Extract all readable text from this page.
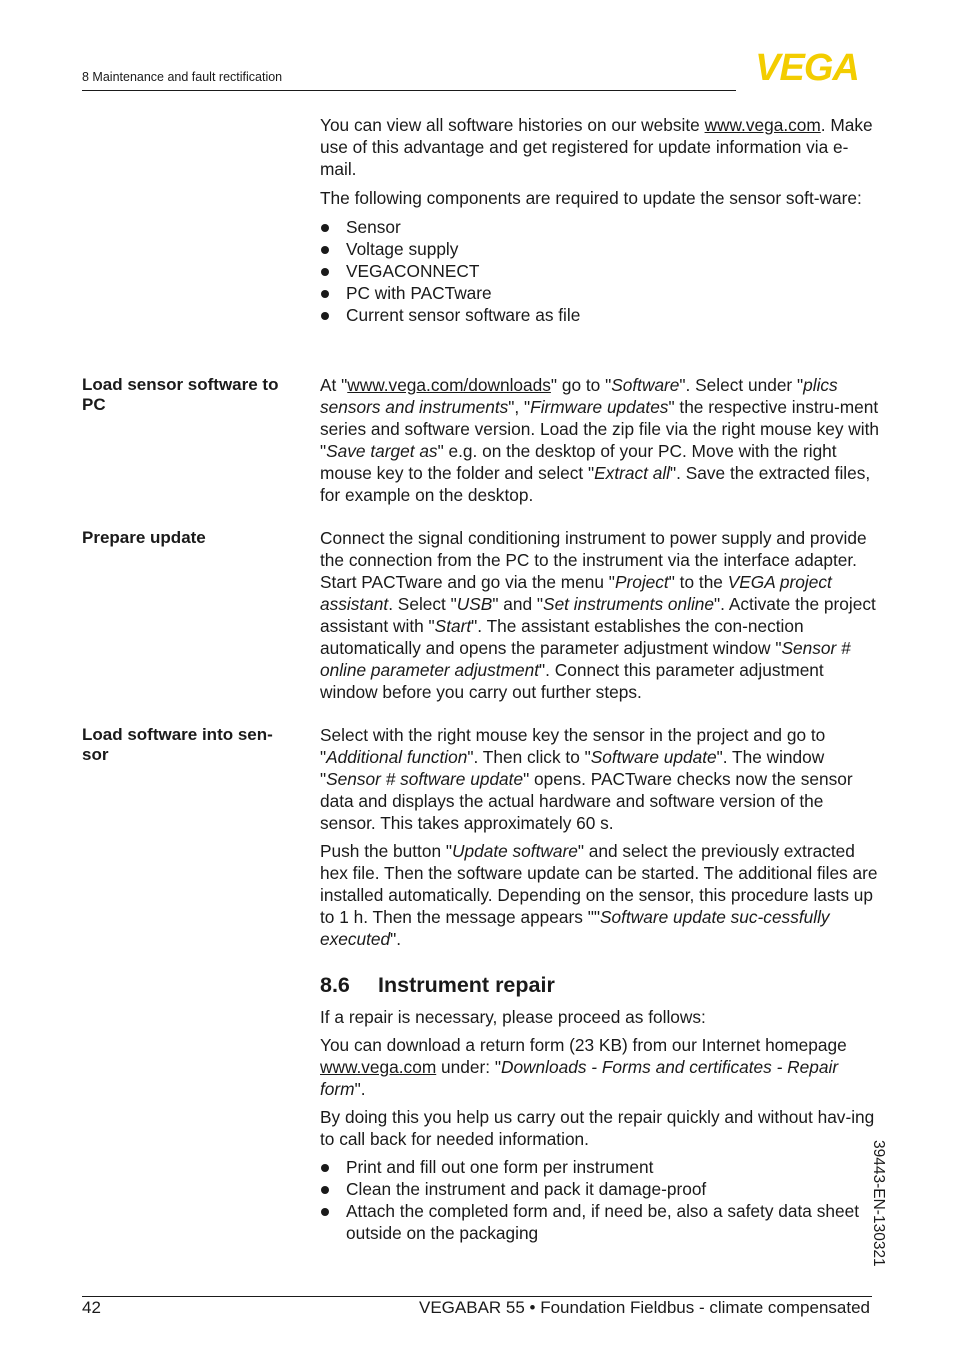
8 Maintenance and fault rectification	VEGA

You can view all software histories on our website www.vega.com. Make use of this advantage and get registered for update information via e-mail.

The following components are required to update the sensor soft-ware:

Sensor
Voltage supply
VEGACONNECT
PC with PACTware
Current sensor software as file
Load sensor software to PC

At "www.vega.com/downloads" go to "Software". Select under "plics sensors and instruments", "Firmware updates" the respective instru-ment series and software version. Load the zip file via the right mouse key with "Save target as" e.g. on the desktop of your PC. Move with the right mouse key to the folder and select "Extract all". Save the extracted files, for example on the desktop.

Prepare update	Connect the signal conditioning instrument to power supply and provide the connection from the PC to the instrument via the interface adapter. Start PACTware and go via the menu "Project" to the VEGA project assistant. Select "USB" and "Set instruments online". Activate the project assistant with "Start". The assistant establishes the con-nection automatically and opens the parameter adjustment window "Sensor # online parameter adjustment". Connect this parameter adjustment window before you carry out further steps.

Load software into sen-sor

Select with the right mouse key the sensor in the project and go to "Additional function". Then click to "Software update". The window "Sensor # software update" opens. PACTware checks now the sensor data and displays the actual hardware and software version of the sensor. This takes approximately 60 s.

Push the button "Update software" and select the previously extracted hex file. Then the software update can be started. The additional files are installed automatically. Depending on the sensor, this procedure lasts up to 1 h. Then the message appears ""Software update suc-cessfully executed".

8.6 Instrument repair

If a repair is necessary, please proceed as follows:

You can download a return form (23 KB) from our Internet homepage www.vega.com under: "Downloads - Forms and certificates - Repair form".

By doing this you help us carry out the repair quickly and without hav-ing to call back for needed information.

Print and fill out one form per instrument
Clean the instrument and pack it damage-proof
Attach the completed form and, if need be, also a safety data sheet outside on the packaging	39443-EN-130321
42	VEGABAR 55 • Foundation Fieldbus - climate compensated
